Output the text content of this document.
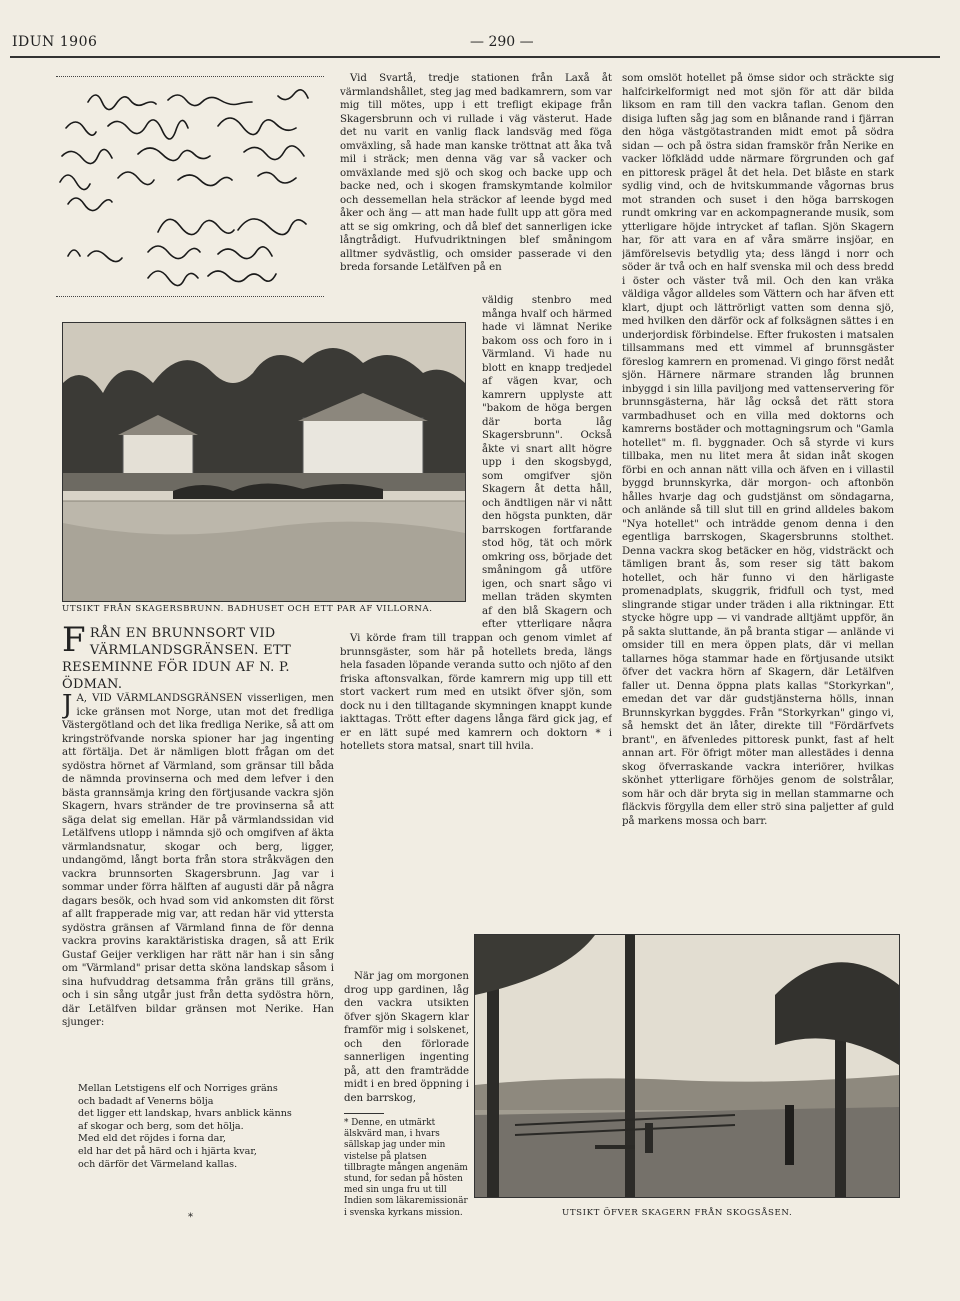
IDUN 1906	— 290 —
UTSIKT FRÅN SKAGERSBRUNN. BADHUSET OCH ETT PAR AF VILLORNA.
FRÅN EN BRUNNSORT VID VÄRMLANDSGRÄNSEN. ETT RESEMINNE FÖR IDUN AF N. P. ÖDMAN.
J A, VID VÄRMLANDSGRÄNSEN visserligen, men icke gränsen mot Norge, utan mot det fredliga Västergötland och det lika fredliga Nerike, så att om kringströfvande norska spioner har jag ingenting att förtälja. Det är nämligen blott frågan om det sydöstra hörnet af Värmland, som gränsar till båda de nämnda provinserna och med dem lefver i den bästa grannsämja kring den förtjusande vackra sjön Skagern, hvars stränder de tre provinserna så att säga delat sig emellan. Här på värmlandssidan vid Letälfvens utlopp i nämnda sjö och omgifven af äkta värmlandsnatur, skogar och berg, ligger, undangömd, långt borta från stora stråkvägen den vackra brunnsorten Skagersbrunn. Jag var i sommar under förra hälften af augusti där på några dagars besök, och hvad som vid ankomsten dit först af allt frapperade mig var, att redan här vid yttersta sydöstra gränsen af Värmland finna de för denna vackra provins karaktäristiska dragen, så att Erik Gustaf Geijer verkligen har rätt när han i sin sång om "Värmland" prisar detta sköna landskap såsom i sina hufvuddrag detsamma från gräns till gräns, och i sin sång utgår just från detta sydöstra hörn, där Letälfven bildar gränsen mot Nerike. Han sjunger:
Mellan Letstigens elf och Norriges gräns
och badadt af Venerns bölja
det ligger ett landskap, hvars anblick känns
af skogar och berg, som det hölja.
Med eld det röjdes i forna dar,
eld har det på härd och i hjärta kvar,
och därför det Värmeland kallas.
*

Vid Svartå, tredje stationen från Laxå åt värmlandshållet, steg jag med badkamrern, som var mig till mötes, upp i ett trefligt ekipage från Skagersbrunn och vi rullade i väg västerut. Hade det nu varit en vanlig flack landsväg med föga omväxling, så hade man kanske tröttnat att åka två mil i sträck; men denna väg var så vacker och omväxlande med sjö och skog och backe upp och backe ned, och i skogen framskymtande kolmilor och dessemellan hela sträckor af leende bygd med åker och äng — att man hade fullt upp att göra med att se sig omkring, och då blef det sannerligen icke långtrådigt. Hufvudriktningen blef småningom alltmer sydvästlig, och omsider passerade vi den breda forsande Letälfven på en

väldig stenbro med många hvalf och härmed hade vi lämnat Nerike bakom oss och foro in i Värmland. Vi hade nu blott en knapp tredjedel af vägen kvar, och kamrern upplyste att "bakom de höga bergen där borta låg Skagersbrunn". Också åkte vi snart allt högre upp i den skogsbygd, som omgifver sjön Skagern åt detta håll, och ändtligen när vi nått den högsta punkten, där barrskogen fortfarande stod hög, tät och mörk omkring oss, började det småningom gå utföre igen, och snart sågo vi mellan träden skymten af den blå Skagern och efter ytterligare några

Vi körde fram till trappan och genom vimlet af brunnsgäster, som här på hotellets breda, längs hela fasaden löpande veranda sutto och njöto af den friska aftonsvalkan, förde kamrern mig upp till ett stort vackert rum med en utsikt öfver sjön, som dock nu i den tilltagande skymningen knappt kunde iakttagas. Trött efter dagens långa färd gick jag, ef er en lätt supé med kamrern och doktorn * i hotellets stora matsal, snart till hvila.

När jag om morgonen drog upp gardinen, låg den vackra utsikten öfver sjön Skagern klar framför mig i solskenet, och den förlorade sannerligen ingenting på, att den framträdde midt i en bred öppning i den barrskog,

* Denne, en utmärkt älskvärd man, i hvars sällskap jag under min vistelse på platsen tillbragte mången angenäm stund, for sedan på hösten med sin unga fru ut till Indien som läkaremissionär i svenska kyrkans mission.

som omslöt hotellet på ömse sidor och sträckte sig halfcirkelformigt ned mot sjön för att där bilda liksom en ram till den vackra taflan. Genom den disiga luften såg jag som en blånande rand i fjärran den höga västgötastranden midt emot på södra sidan — och på östra sidan framskör från Nerike en vacker löfklädd udde närmare förgrunden och gaf en pittoresk prägel åt det hela. Det blåste en stark sydlig vind, och de hvitskummande vågornas brus mot stranden och suset i den höga barrskogen rundt omkring var en ackompagnerande musik, som ytterligare höjde intrycket af taflan. Sjön Skagern har, för att vara en af våra smärre insjöar, en jämförelsevis betydlig yta; dess längd i norr och söder är två och en half svenska mil och dess bredd i öster och väster två mil. Och den kan vräka väldiga vågor alldeles som Vättern och har äfven ett klart, djupt och lättrörligt vatten som denna sjö, med hvilken den därför ock af folksägnen sättes i en underjordisk förbindelse. Efter frukosten i matsalen tillsammans med ett vimmel af brunnsgäster föreslog kamrern en promenad. Vi gingo först nedåt sjön. Härnere närmare stranden låg brunnen inbyggd i sin lilla paviljong med vattenservering för brunnsgästerna, här låg också det rätt stora varmbadhuset och en villa med doktorns och kamrerns bostäder och mottagningsrum och "Gamla hotellet" m. fl. byggnader. Och så styrde vi kurs tillbaka, men nu litet mera åt sidan inåt skogen förbi en och annan nätt villa och äfven en i villastil byggd brunnskyrka, där morgon- och aftonbön hålles hvarje dag och gudstjänst om söndagarna, och anlände så till slut till en grind alldeles bakom "Nya hotellet" och inträdde genom denna i den egentliga barrskogen, Skagersbrunns stolthet. Denna vackra skog betäcker en hög, vidsträckt och tämligen brant ås, som reser sig tätt bakom hotellet, och här funno vi den härligaste promenadplats, skuggrik, fridfull och tyst, med slingrande stigar under träden i alla riktningar. Ett stycke högre upp — vi vandrade alltjämt uppför, än på sakta sluttande, än på branta stigar — anlände vi omsider till en mera öppen plats, där vi mellan tallarnes höga stammar hade en förtjusande utsikt öfver det vackra hörn af Skagern, där Letälfven faller ut. Denna öppna plats kallas "Storkyrkan", emedan det var där gudstjänsterna hölls, innan Brunnskyrkan byggdes. Från "Storkyrkan" gingo vi, så hemskt det än låter, direkte till "Fördärfvets brant", en äfvenledes pittoresk punkt, fast af helt annan art. För öfrigt möter man allestädes i denna skog öfverraskande vackra interiörer, hvilkas skönhet ytterligare förhöjes genom de solstrålar, som här och där bryta sig in mellan stammarne och fläckvis förgylla dem eller strö sina paljetter af guld på markens mossa och barr.

UTSIKT ÖFVER SKAGERN FRÅN SKOGSÅSEN.
